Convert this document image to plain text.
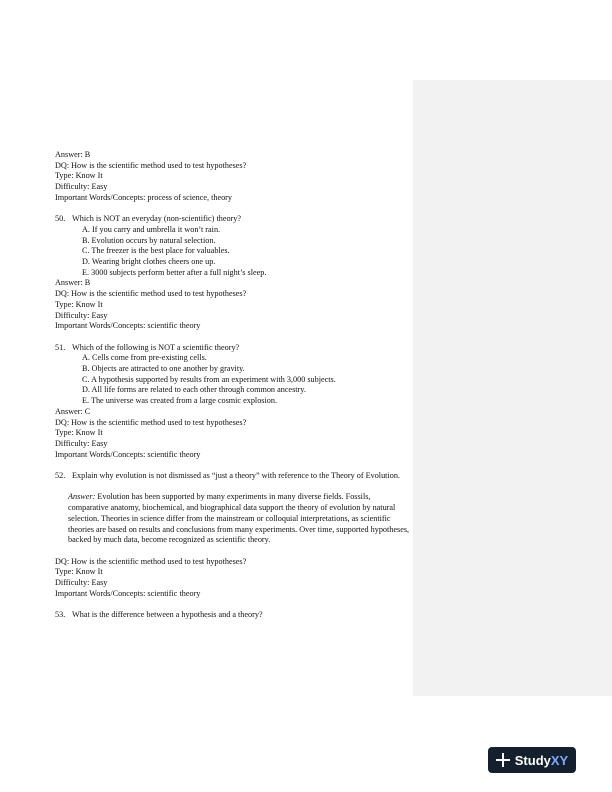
Answer: B
DQ: How is the scientific method used to test hypotheses?
Type: Know It
Difficulty: Easy
Important Words/Concepts: process of science, theory
50. Which is NOT an everyday (non-scientific) theory?
A. If you carry and umbrella it won’t rain.
B. Evolution occurs by natural selection.
C. The freezer is the best place for valuables.
D. Wearing bright clothes cheers one up.
E. 3000 subjects perform better after a full night’s sleep.
Answer: B
DQ: How is the scientific method used to test hypotheses?
Type: Know It
Difficulty: Easy
Important Words/Concepts: scientific theory
51. Which of the following is NOT a scientific theory?
A. Cells come from pre-existing cells.
B. Objects are attracted to one another by gravity.
C. A hypothesis supported by results from an experiment with 3,000 subjects.
D. All life forms are related to each other through common ancestry.
E. The universe was created from a large cosmic explosion.
Answer: C
DQ: How is the scientific method used to test hypotheses?
Type: Know It
Difficulty: Easy
Important Words/Concepts: scientific theory
52. Explain why evolution is not dismissed as “just a theory” with reference to the Theory of Evolution.
Answer: Evolution has been supported by many experiments in many diverse fields. Fossils, comparative anatomy, biochemical, and biographical data support the theory of evolution by natural selection. Theories in science differ from the mainstream or colloquial interpretations, as scientific theories are based on results and conclusions from many experiments. Over time, supported hypotheses, backed by much data, become recognized as scientific theory.
DQ: How is the scientific method used to test hypotheses?
Type: Know It
Difficulty: Easy
Important Words/Concepts: scientific theory
53. What is the difference between a hypothesis and a theory?
StudyXY
